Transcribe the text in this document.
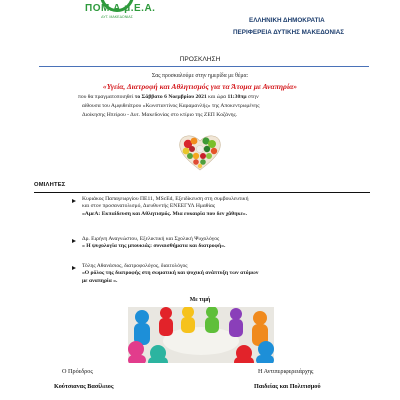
ΠΟΜ.Α.μ.Ε.Α.
ΔΥΤ. ΜΑΚΕΔΟΝΙΑΣ	ΕΛΛΗΝΙΚΗ ΔΗΜΟΚΡΑΤΙΑ
ΠΕΡΙΦΕΡΕΙΑ ΔΥΤΙΚΗΣ ΜΑΚΕΔΟΝΙΑΣ
ΠΡΟΣΚΛΗΣΗ
Σας προσκαλούμε στην ημερίδα με θέμα:
«Υγεία, Διατροφή και Αθλητισμός για τα Άτομα με Αναπηρία»
που θα πραγματοποιηθεί το Σάββατο 6 Νοεμβρίου 2021 και ώρα 11:30πμ στην
αίθουσα του Αμφιθεάτρου «Κωνσταντίνος Καραμανλής» της Αποκεντρωμένης
Διοίκησης Ηπείρου - Δυτ. Μακεδονίας στο κτίριο της ΖΕΠ Κοζάνης.
ΟΜΙΛΗΤΕΣ
Κυριάκος Παπαγεωργίου ΠΕ11, MScEd, Εξειδίκευση στη συμβουλευτική
και στον προσανατολισμό, Διευθυντής ΕΝΕΕΓΥΛ Ημαθίας
«ΑμεΑ: Εκπαίδευση και Αθλητισμός. Μια ευκαιρία που δεν χάθηκε».
Δρ. Ειρήνη Αναγνώστου, Εξελικτική και Σχολική Ψυχολόγος
« Η ψυχολογία της μπουκιάς: συναισθήματα και διατροφή».
Τόλης Αθανάσιος, διατροφολόγος, διαιτολόγος
«Ο ρόλος της διατροφής στη σωματική και ψυχική ανάπτυξη των ατόμων
με αναπηρία ».
Με τιμή
Ο Πρόεδρος
Κούτσιαvας Βασίλειος
Η Αντιπεριφερειάρχης
Παιδείας και Πολιτισμού
